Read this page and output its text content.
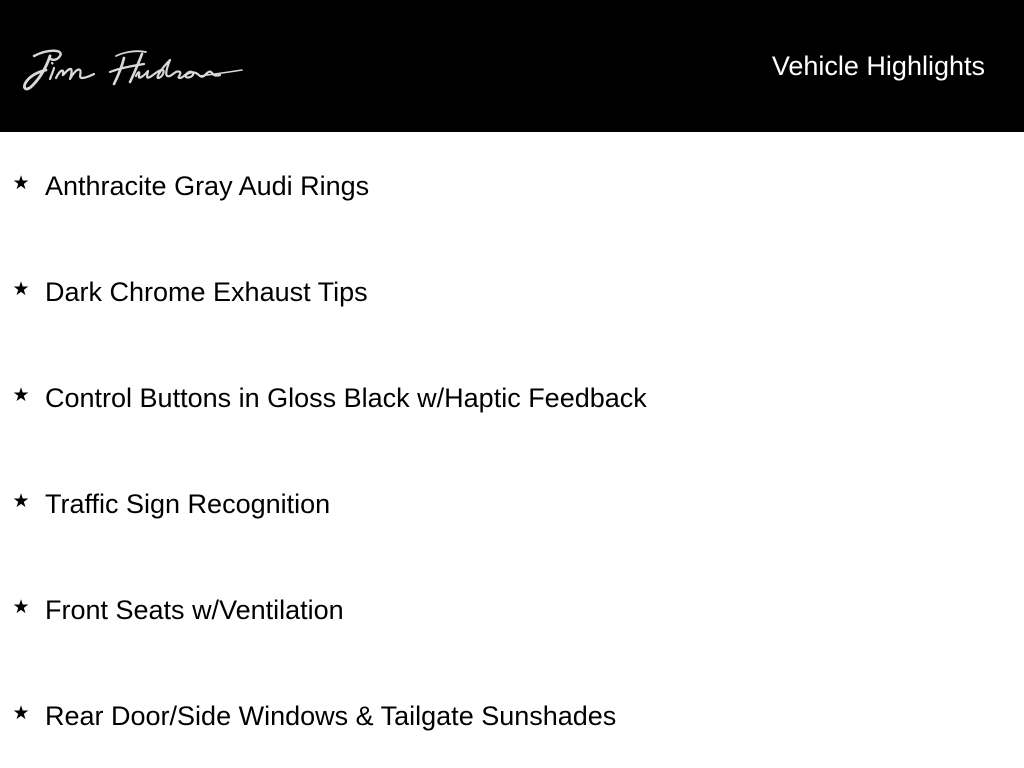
Vehicle Highlights
★ Anthracite Gray Audi Rings
★ Dark Chrome Exhaust Tips
★ Control Buttons in Gloss Black w/Haptic Feedback
★ Traffic Sign Recognition
★ Front Seats w/Ventilation
★ Rear Door/Side Windows & Tailgate Sunshades
